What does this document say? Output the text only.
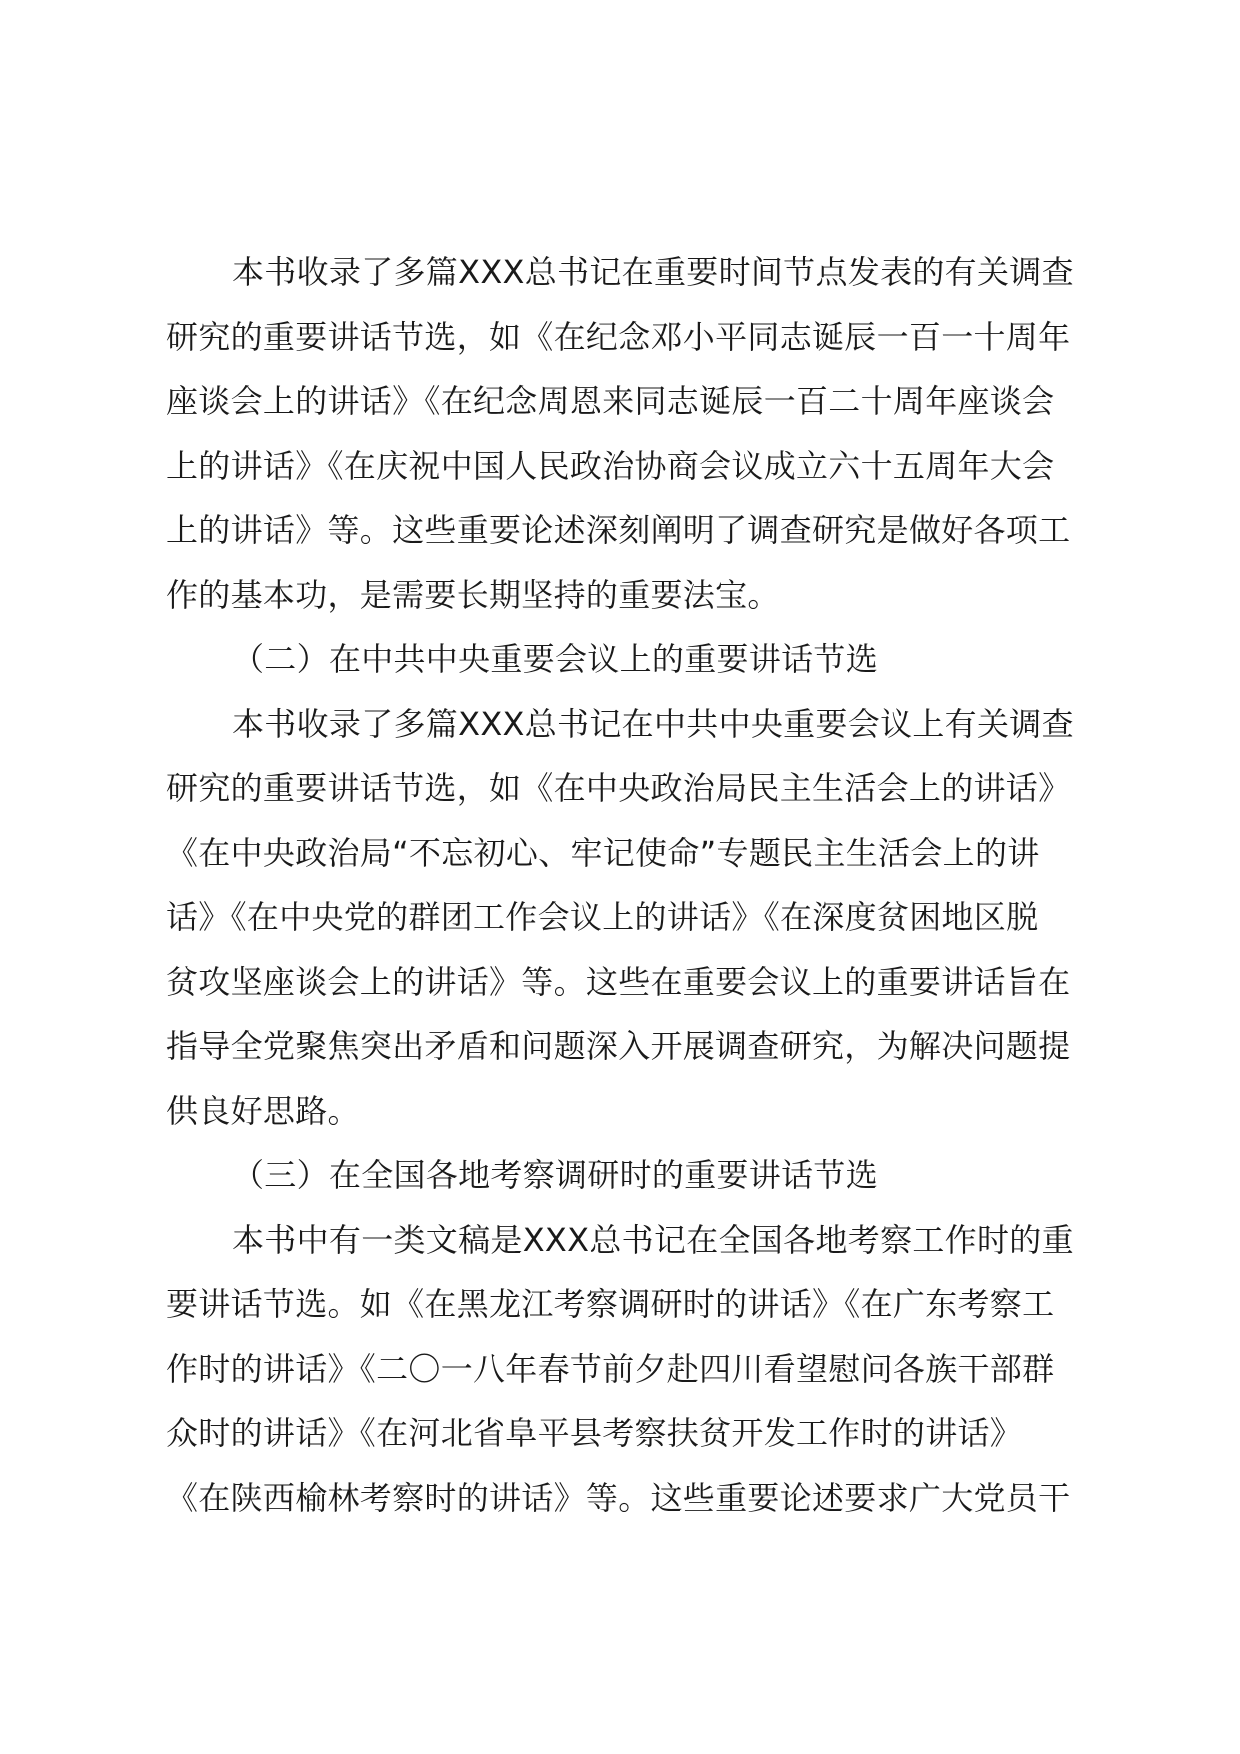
本书收录了多篇XXX总书记在重要时间节点发表的有关调查
研究的重要讲话节选，如《在纪念邓小平同志诞辰一百一十周年
座谈会上的讲话》《在纪念周恩来同志诞辰一百二十周年座谈会
上的讲话》《在庆祝中国人民政治协商会议成立六十五周年大会
上的讲话》等。这些重要论述深刻阐明了调查研究是做好各项工
作的基本功，是需要长期坚持的重要法宝。
（二）在中共中央重要会议上的重要讲话节选
本书收录了多篇XXX总书记在中共中央重要会议上有关调查
研究的重要讲话节选，如《在中央政治局民主生活会上的讲话》
《在中央政治局“不忘初心、牢记使命”专题民主生活会上的讲
话》《在中央党的群团工作会议上的讲话》《在深度贫困地区脱
贫攻坚座谈会上的讲话》等。这些在重要会议上的重要讲话旨在
指导全党聚焦突出矛盾和问题深入开展调查研究，为解决问题提
供良好思路。
（三）在全国各地考察调研时的重要讲话节选
本书中有一类文稿是XXX总书记在全国各地考察工作时的重
要讲话节选。如《在黑龙江考察调研时的讲话》《在广东考察工
作时的讲话》《二〇一八年春节前夕赴四川看望慰问各族干部群
众时的讲话》《在河北省阜平县考察扶贫开发工作时的讲话》
《在陕西榆林考察时的讲话》等。这些重要论述要求广大党员干
